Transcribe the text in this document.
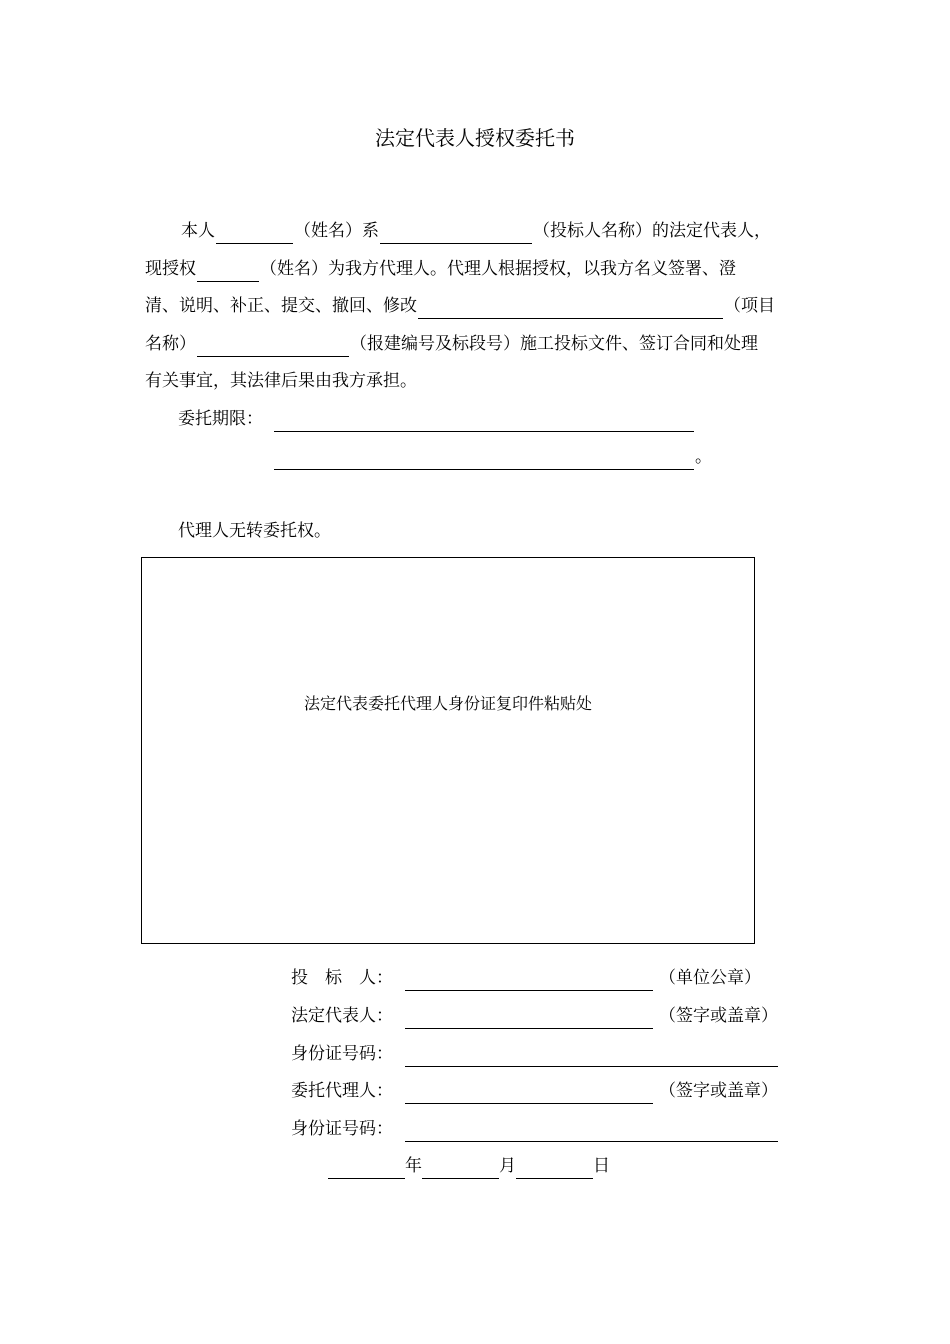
法定代表人授权委托书
本人	（姓名）系	（投标人名称）的法定代表人，
现授权	（姓名）为我方代理人。代理人根据授权，以我方名义签署、澄
清、说明、补正、提交、撤回、修改	（项目
名称）	（报建编号及标段号）施工投标文件、签订合同和处理
有关事宜，其法律后果由我方承担。
委托期限：
。
代理人无转委托权。
法定代表委托代理人身份证复印件粘贴处
投　标　人：	（单位公章）
法定代表人：	（签字或盖章）
身份证号码：
委托代理人：	（签字或盖章）
身份证号码：
年	月	日
